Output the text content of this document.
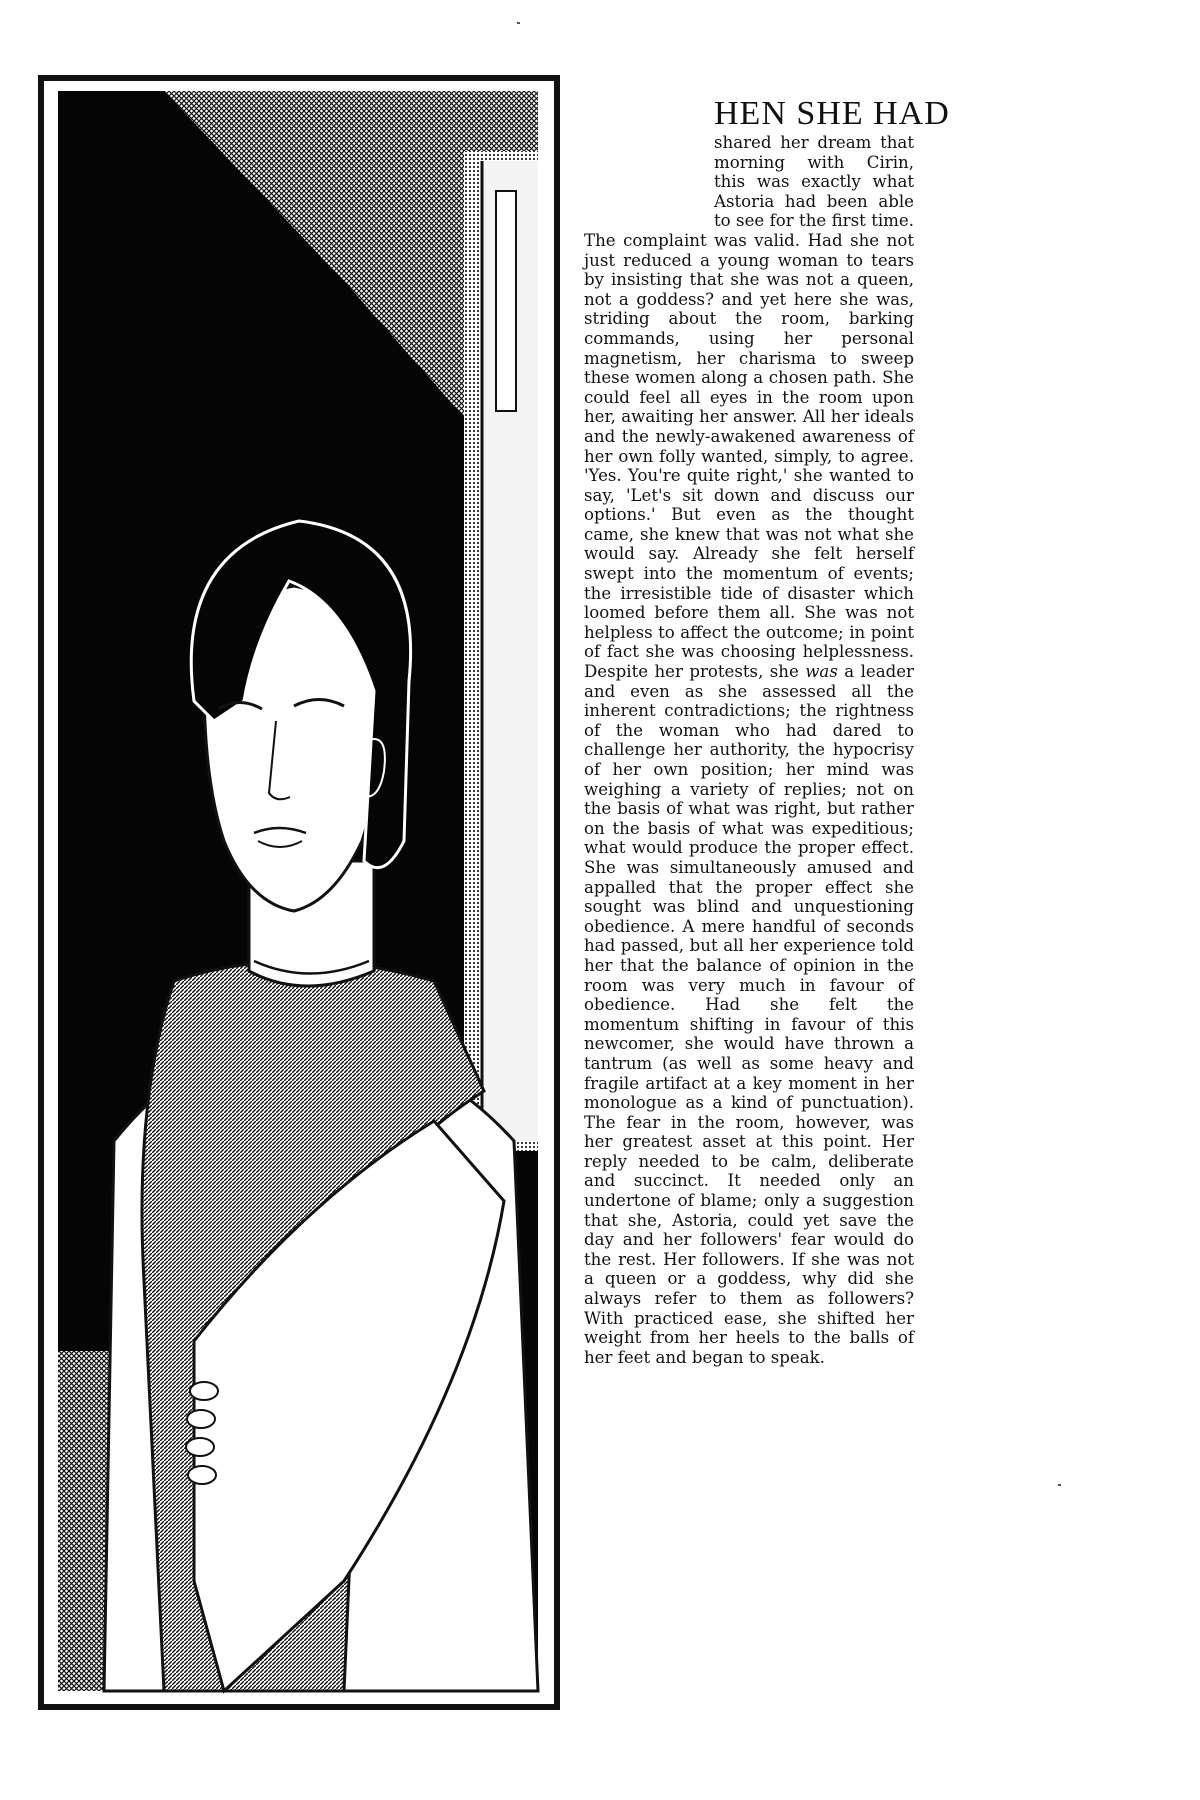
HEN SHE HAD

shared her dream that morning with Cirin, this was exactly what Astoria had been able to see for the first time. The complaint was valid. Had she not just reduced a young woman to tears by insisting that she was not a queen, not a goddess? and yet here she was, striding about the room, barking commands, using her personal magnetism, her charisma to sweep these women along a chosen path. She could feel all eyes in the room upon her, awaiting her answer. All her ideals and the newly-awakened awareness of her own folly wanted, simply, to agree. 'Yes. You're quite right,' she wanted to say, 'Let's sit down and discuss our options.' But even as the thought came, she knew that was not what she would say. Already she felt herself swept into the momentum of events; the irresistible tide of disaster which loomed before them all. She was not helpless to affect the outcome; in point of fact she was choosing helplessness. Despite her protests, she was a leader and even as she assessed all the inherent contradictions; the rightness of the woman who had dared to challenge her authority, the hypocrisy of her own position; her mind was weighing a variety of replies; not on the basis of what was right, but rather on the basis of what was expeditious; what would produce the proper effect. She was simultaneously amused and appalled that the proper effect she sought was blind and unquestioning obedience. A mere handful of seconds had passed, but all her experience told her that the balance of opinion in the room was very much in favour of obedience. Had she felt the momentum shifting in favour of this newcomer, she would have thrown a tantrum (as well as some heavy and fragile artifact at a key moment in her monologue as a kind of punctuation). The fear in the room, however, was her greatest asset at this point. Her reply needed to be calm, deliberate and succinct. It needed only an undertone of blame; only a suggestion that she, Astoria, could yet save the day and her followers' fear would do the rest. Her followers. If she was not a queen or a goddess, why did she always refer to them as followers? With practiced ease, she shifted her weight from her heels to the balls of her feet and began to speak.
